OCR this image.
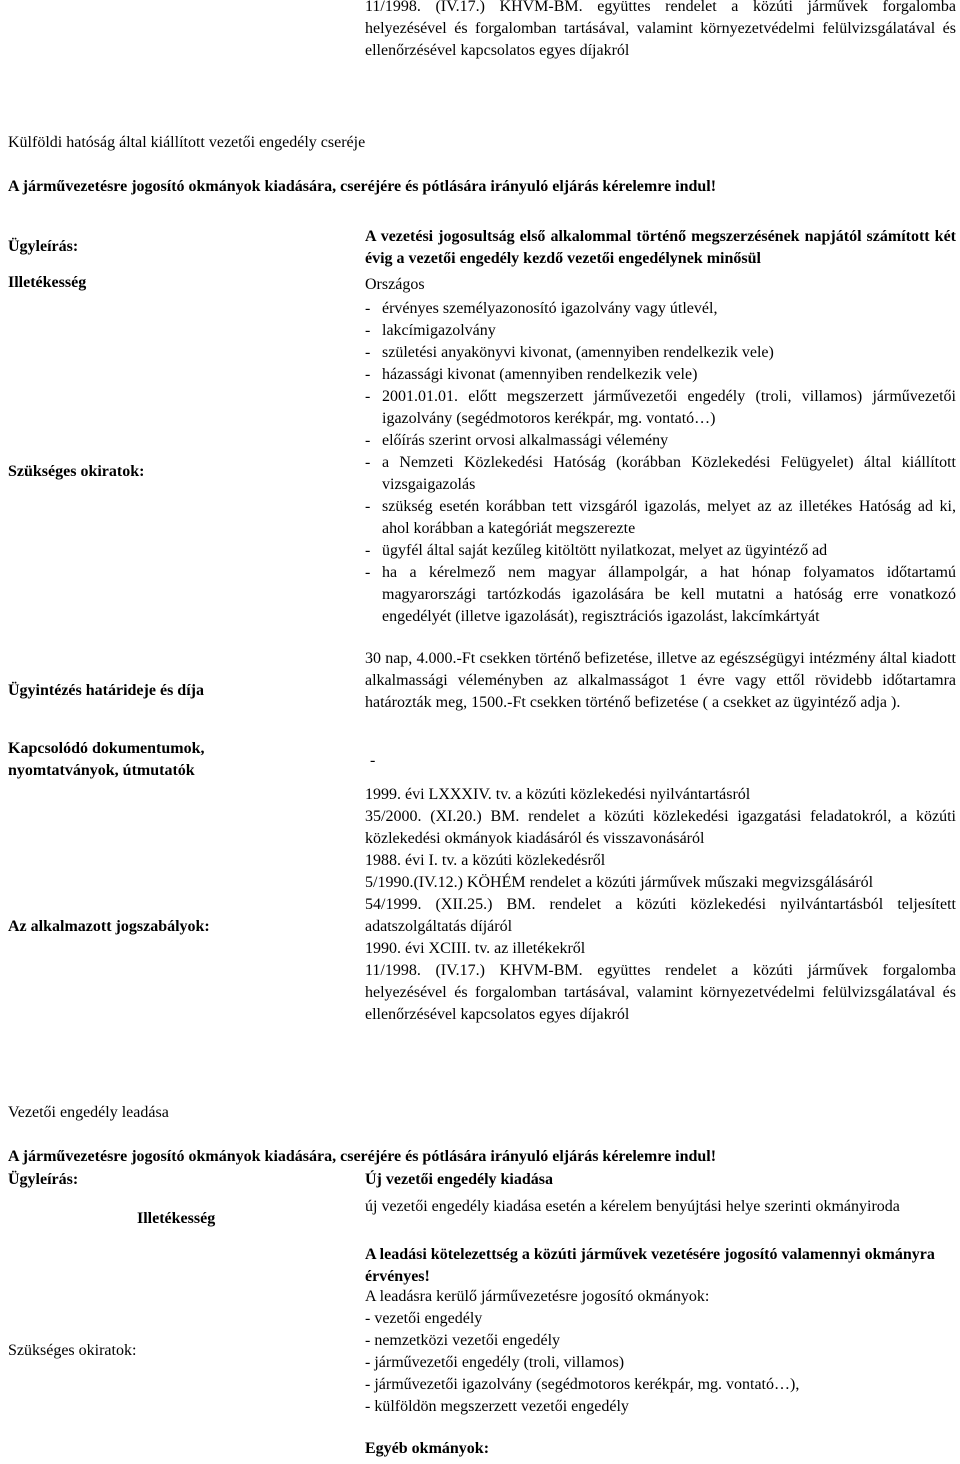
11/1998. (IV.17.) KHVM-BM. együttes rendelet a közúti járművek forgalomba helyezésével és forgalomban tartásával, valamint környezetvédelmi felülvizsgálatával és ellenőrzésével kapcsolatos egyes díjakról
Külföldi hatóság által kiállított vezetői engedély cseréje
A járművezetésre jogosító okmányok kiadására, cseréjére és pótlására irányuló eljárás kérelemre indul!
Ügyleírás:
Illetékesség
Szükséges okiratok:
Ügyintézés határideje és díja
Kapcsolódó dokumentumok,
nyomtatványok, útmutatók
Az alkalmazott jogszabályok:
A vezetési jogosultság első alkalommal történő megszerzésének napjától számított két évig a vezetői engedély kezdő vezetői engedélynek minősül
Országos
- érvényes személyazonosító igazolvány vagy útlevél,
- lakcímigazolvány
- születési anyakönyvi kivonat, (amennyiben rendelkezik vele)
- házassági kivonat (amennyiben rendelkezik vele)
- 2001.01.01. előtt megszerzett járművezetői engedély (troli, villamos) járművezetői igazolvány (segédmotoros kerékpár, mg. vontató…)
- előírás szerint orvosi alkalmassági vélemény
- a Nemzeti Közlekedési Hatóság (korábban Közlekedési Felügyelet) által kiállított vizsgaigazolás
- szükség esetén korábban tett vizsgáról igazolás, melyet az az illetékes Hatóság ad ki, ahol korábban a kategóriát megszerezte
- ügyfél által saját kezűleg kitöltött nyilatkozat, melyet az ügyintéző ad
- ha a kérelmező nem magyar állampolgár, a hat hónap folyamatos időtartamú magyarországi tartózkodás igazolására be kell mutatni a hatóság erre vonatkozó engedélyét (illetve igazolását), regisztrációs igazolást, lakcímkártyát
30 nap, 4.000.-Ft csekken történő befizetése, illetve az egészségügyi intézmény által kiadott alkalmassági véleményben az alkalmasságot 1 évre vagy ettől rövidebb időtartamra határozták meg, 1500.-Ft csekken történő befizetése ( a csekket az ügyintéző adja ).
-
1999. évi LXXXIV. tv. a közúti közlekedési nyilvántartásról
35/2000. (XI.20.) BM. rendelet a közúti közlekedési igazgatási feladatokról, a közúti közlekedési okmányok kiadásáról és visszavonásáról
1988. évi I. tv. a közúti közlekedésről
5/1990.(IV.12.) KÖHÉM rendelet a közúti járművek műszaki megvizsgálásáról
54/1999. (XII.25.) BM. rendelet a közúti közlekedési nyilvántartásból teljesített adatszolgáltatás díjáról
1990. évi XCIII. tv. az illetékekről
11/1998. (IV.17.) KHVM-BM. együttes rendelet a közúti járművek forgalomba helyezésével és forgalomban tartásával, valamint környezetvédelmi felülvizsgálatával és ellenőrzésével kapcsolatos egyes díjakról
Vezetői engedély leadása
A járművezetésre jogosító okmányok kiadására, cseréjére és pótlására irányuló eljárás kérelemre indul!
Ügyleírás:
Illetékesség
Szükséges okiratok:
Új vezetői engedély kiadása
új vezetői engedély kiadása esetén a kérelem benyújtási helye szerinti okmányiroda
A leadási kötelezettség a közúti járművek vezetésére jogosító valamennyi okmányra érvényes!
A leadásra kerülő járművezetésre jogosító okmányok:
- vezetői engedély
- nemzetközi vezetői engedély
- járművezetői engedély (troli, villamos)
- járművezetői igazolvány (segédmotoros kerékpár, mg. vontató…),
- külföldön megszerzett vezetői engedély
Egyéb okmányok:
